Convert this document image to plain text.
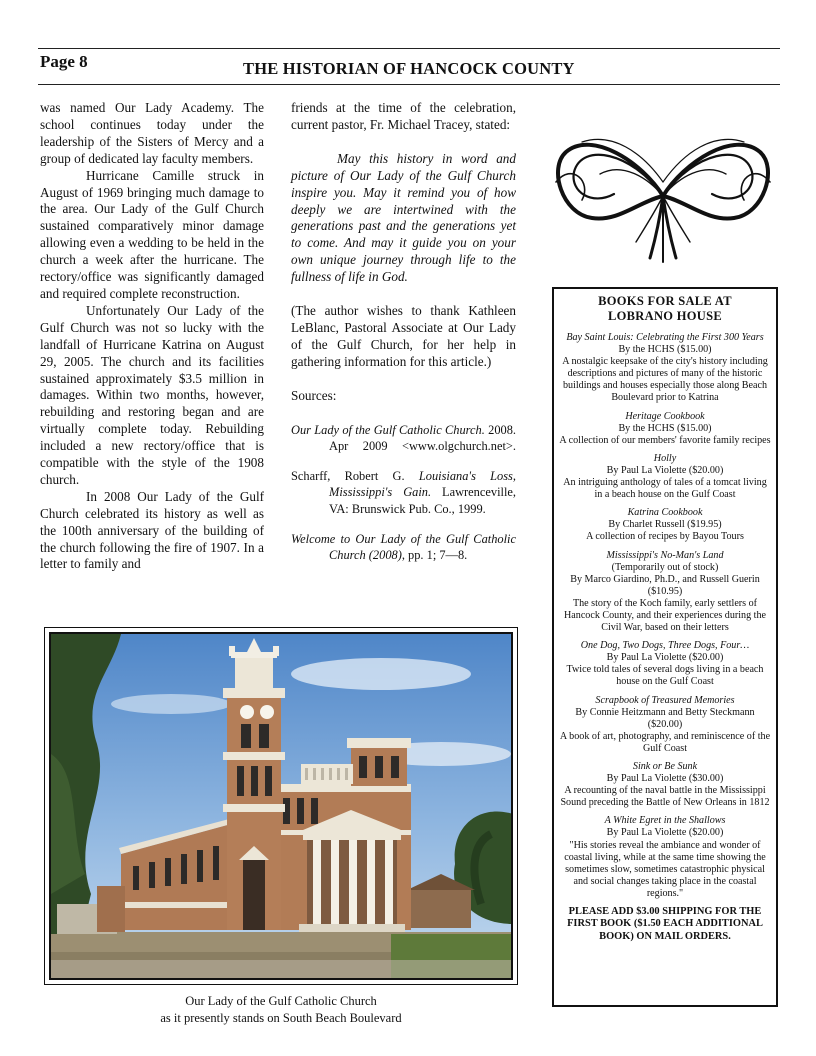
Page 8	THE HISTORIAN OF HANCOCK COUNTY

was named Our Lady Academy. The school continues today under the leadership of the Sisters of Mercy and a group of dedicated lay faculty members.

Hurricane Camille struck in August of 1969 bringing much damage to the area. Our Lady of the Gulf Church sustained comparatively minor damage allowing even a wedding to be held in the church a week after the hurricane. The rectory/office was significantly damaged and required complete reconstruction.

Unfortunately Our Lady of the Gulf Church was not so lucky with the landfall of Hurricane Katrina on August 29, 2005. The church and its facilities sustained approximately $3.5 million in damages. Within two months, however, rebuilding and restoring began and are virtually complete today. Rebuilding included a new rectory/office that is compatible with the style of the 1908 church.

In 2008 Our Lady of the Gulf Church celebrated its history as well as the 100th anniversary of the building of the church following the fire of 1907. In a letter to family and

friends at the time of the celebration, current pastor, Fr. Michael Tracey, stated:

May this history in word and picture of Our Lady of the Gulf Church inspire you. May it remind you of how deeply we are intertwined with the generations past and the generations yet to come. And may it guide you on your own unique journey through life to the fullness of life in God.

(The author wishes to thank Kathleen LeBlanc, Pastoral Associate at Our Lady of the Gulf Church, for her help in gathering information for this article.)

Sources:

Our Lady of the Gulf Catholic Church. 2008. Apr 2009 <www.olgchurch.net>.

Scharff, Robert G. Louisiana's Loss, Mississippi's Gain. Lawrenceville, VA: Brunswick Pub. Co., 1999.

Welcome to Our Lady of the Gulf Catholic Church (2008), pp. 1; 7—8.

BOOKS FOR SALE AT
LOBRANO HOUSE
Bay Saint Louis: Celebrating the First 300 Years
By the HCHS ($15.00)
A nostalgic keepsake of the city's history including descriptions and pictures of many of the historic buildings and houses especially those along Beach Boulevard prior to Katrina
Heritage Cookbook
By the HCHS ($15.00)
A collection of our members' favorite family recipes
Holly
By Paul La Violette ($20.00)
An intriguing anthology of tales of a tomcat living in a beach house on the Gulf Coast
Katrina Cookbook
By Charlet Russell ($19.95)
A collection of recipes by Bayou Tours
Mississippi's No-Man's Land
(Temporarily out of stock)
By Marco Giardino, Ph.D., and Russell Guerin ($10.95)
The story of the Koch family, early settlers of Hancock County, and their experiences during the Civil War, based on their letters
One Dog, Two Dogs, Three Dogs, Four…
By Paul La Violette ($20.00)
Twice told tales of several dogs living in a beach house on the Gulf Coast
Scrapbook of Treasured Memories
By Connie Heitzmann and Betty Steckmann ($20.00)
A book of art, photography, and reminiscence of the Gulf Coast
Sink or Be Sunk
By Paul La Violette ($30.00)
A recounting of the naval battle in the Mississippi Sound preceding the Battle of New Orleans in 1812
A White Egret in the Shallows
By Paul La Violette ($20.00)
"His stories reveal the ambiance and wonder of coastal living, while at the same time showing the sometimes slow, sometimes catastrophic physical and social changes taking place in the coastal regions."
PLEASE ADD $3.00 SHIPPING FOR THE FIRST BOOK ($1.50 EACH ADDITIONAL BOOK) ON MAIL ORDERS.
Our Lady of the Gulf Catholic Church
as it presently stands on South Beach Boulevard
